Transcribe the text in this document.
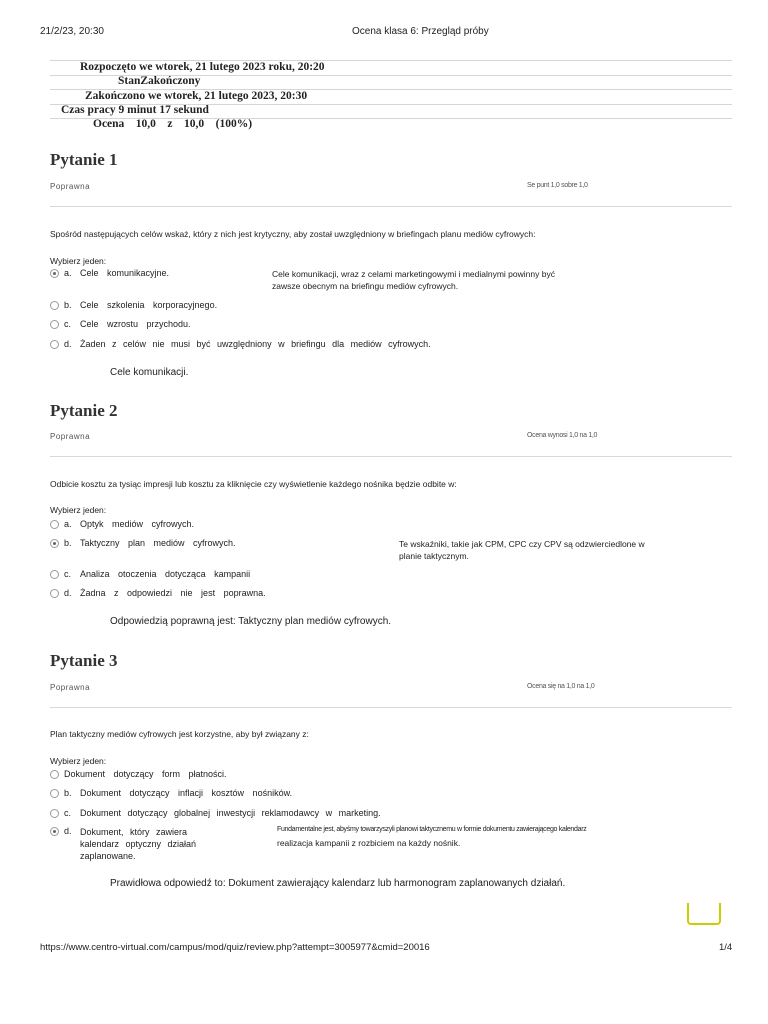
21/2/23, 20:30	Ocena klasa 6: Przegląd próby
Rozpoczęto we wtorek, 21 lutego 2023 roku, 20:20
StanZakończony
Zakończono we wtorek, 21 lutego 2023, 20:30
Czas pracy 9 minut 17 sekund
Ocena    10,0    z    10,0    (100%)
Pytanie 1
Poprawna	Se punt 1,0 sobre 1,0
Spośród następujących celów wskaż, który z nich jest krytyczny, aby został uwzględniony w briefingach planu mediów cyfrowych:
Wybierz jeden:
a. Cele komunikacyjne.	Cele komunikacji, wraz z celami marketingowymi i medialnymi powinny być zawsze obecnym na briefingu mediów cyfrowych.
b. Cele szkolenia korporacyjnego.
c. Cele wzrostu przychodu.
d. Żaden z celów nie musi być uwzględniony w briefingu dla mediów cyfrowych.
Cele komunikacji.
Pytanie 2
Poprawna	Ocena wynosi 1,0 na 1,0
Odbicie kosztu za tysiąc impresji lub kosztu za kliknięcie czy wyświetlenie każdego nośnika będzie odbite w:
Wybierz jeden:
a. Optyk mediów cyfrowych.
b. Taktyczny plan mediów cyfrowych.	Te wskaźniki, takie jak CPM, CPC czy CPV są odzwierciedlone w planie taktycznym.
c. Analiza otoczenia dotycząca kampanii
d. Żadna z odpowiedzi nie jest poprawna.
Odpowiedzią poprawną jest: Taktyczny plan mediów cyfrowych.
Pytanie 3
Poprawna	Ocena się na 1,0 na 1,0
Plan taktyczny mediów cyfrowych jest korzystne, aby był związany z:
Wybierz jeden:
Dokument dotyczący form płatności.
b. Dokument dotyczący inflacji kosztów nośników.
c. Dokument dotyczący globalnej inwestycji reklamodawcy w marketing.
d. Dokument, który zawiera kalendarz optyczny działań zaplanowane.
Fundamentalne jest, abyśmy towarzyszyli planowi taktycznemu w formie dokumentu zawierającego kalendarz
realizacja kampanii z rozbiciem na każdy nośnik.
Prawidłowa odpowiedź to: Dokument zawierający kalendarz lub harmonogram zaplanowanych działań.
https://www.centro-virtual.com/campus/mod/quiz/review.php?attempt=3005977&cmid=20016	1/4
